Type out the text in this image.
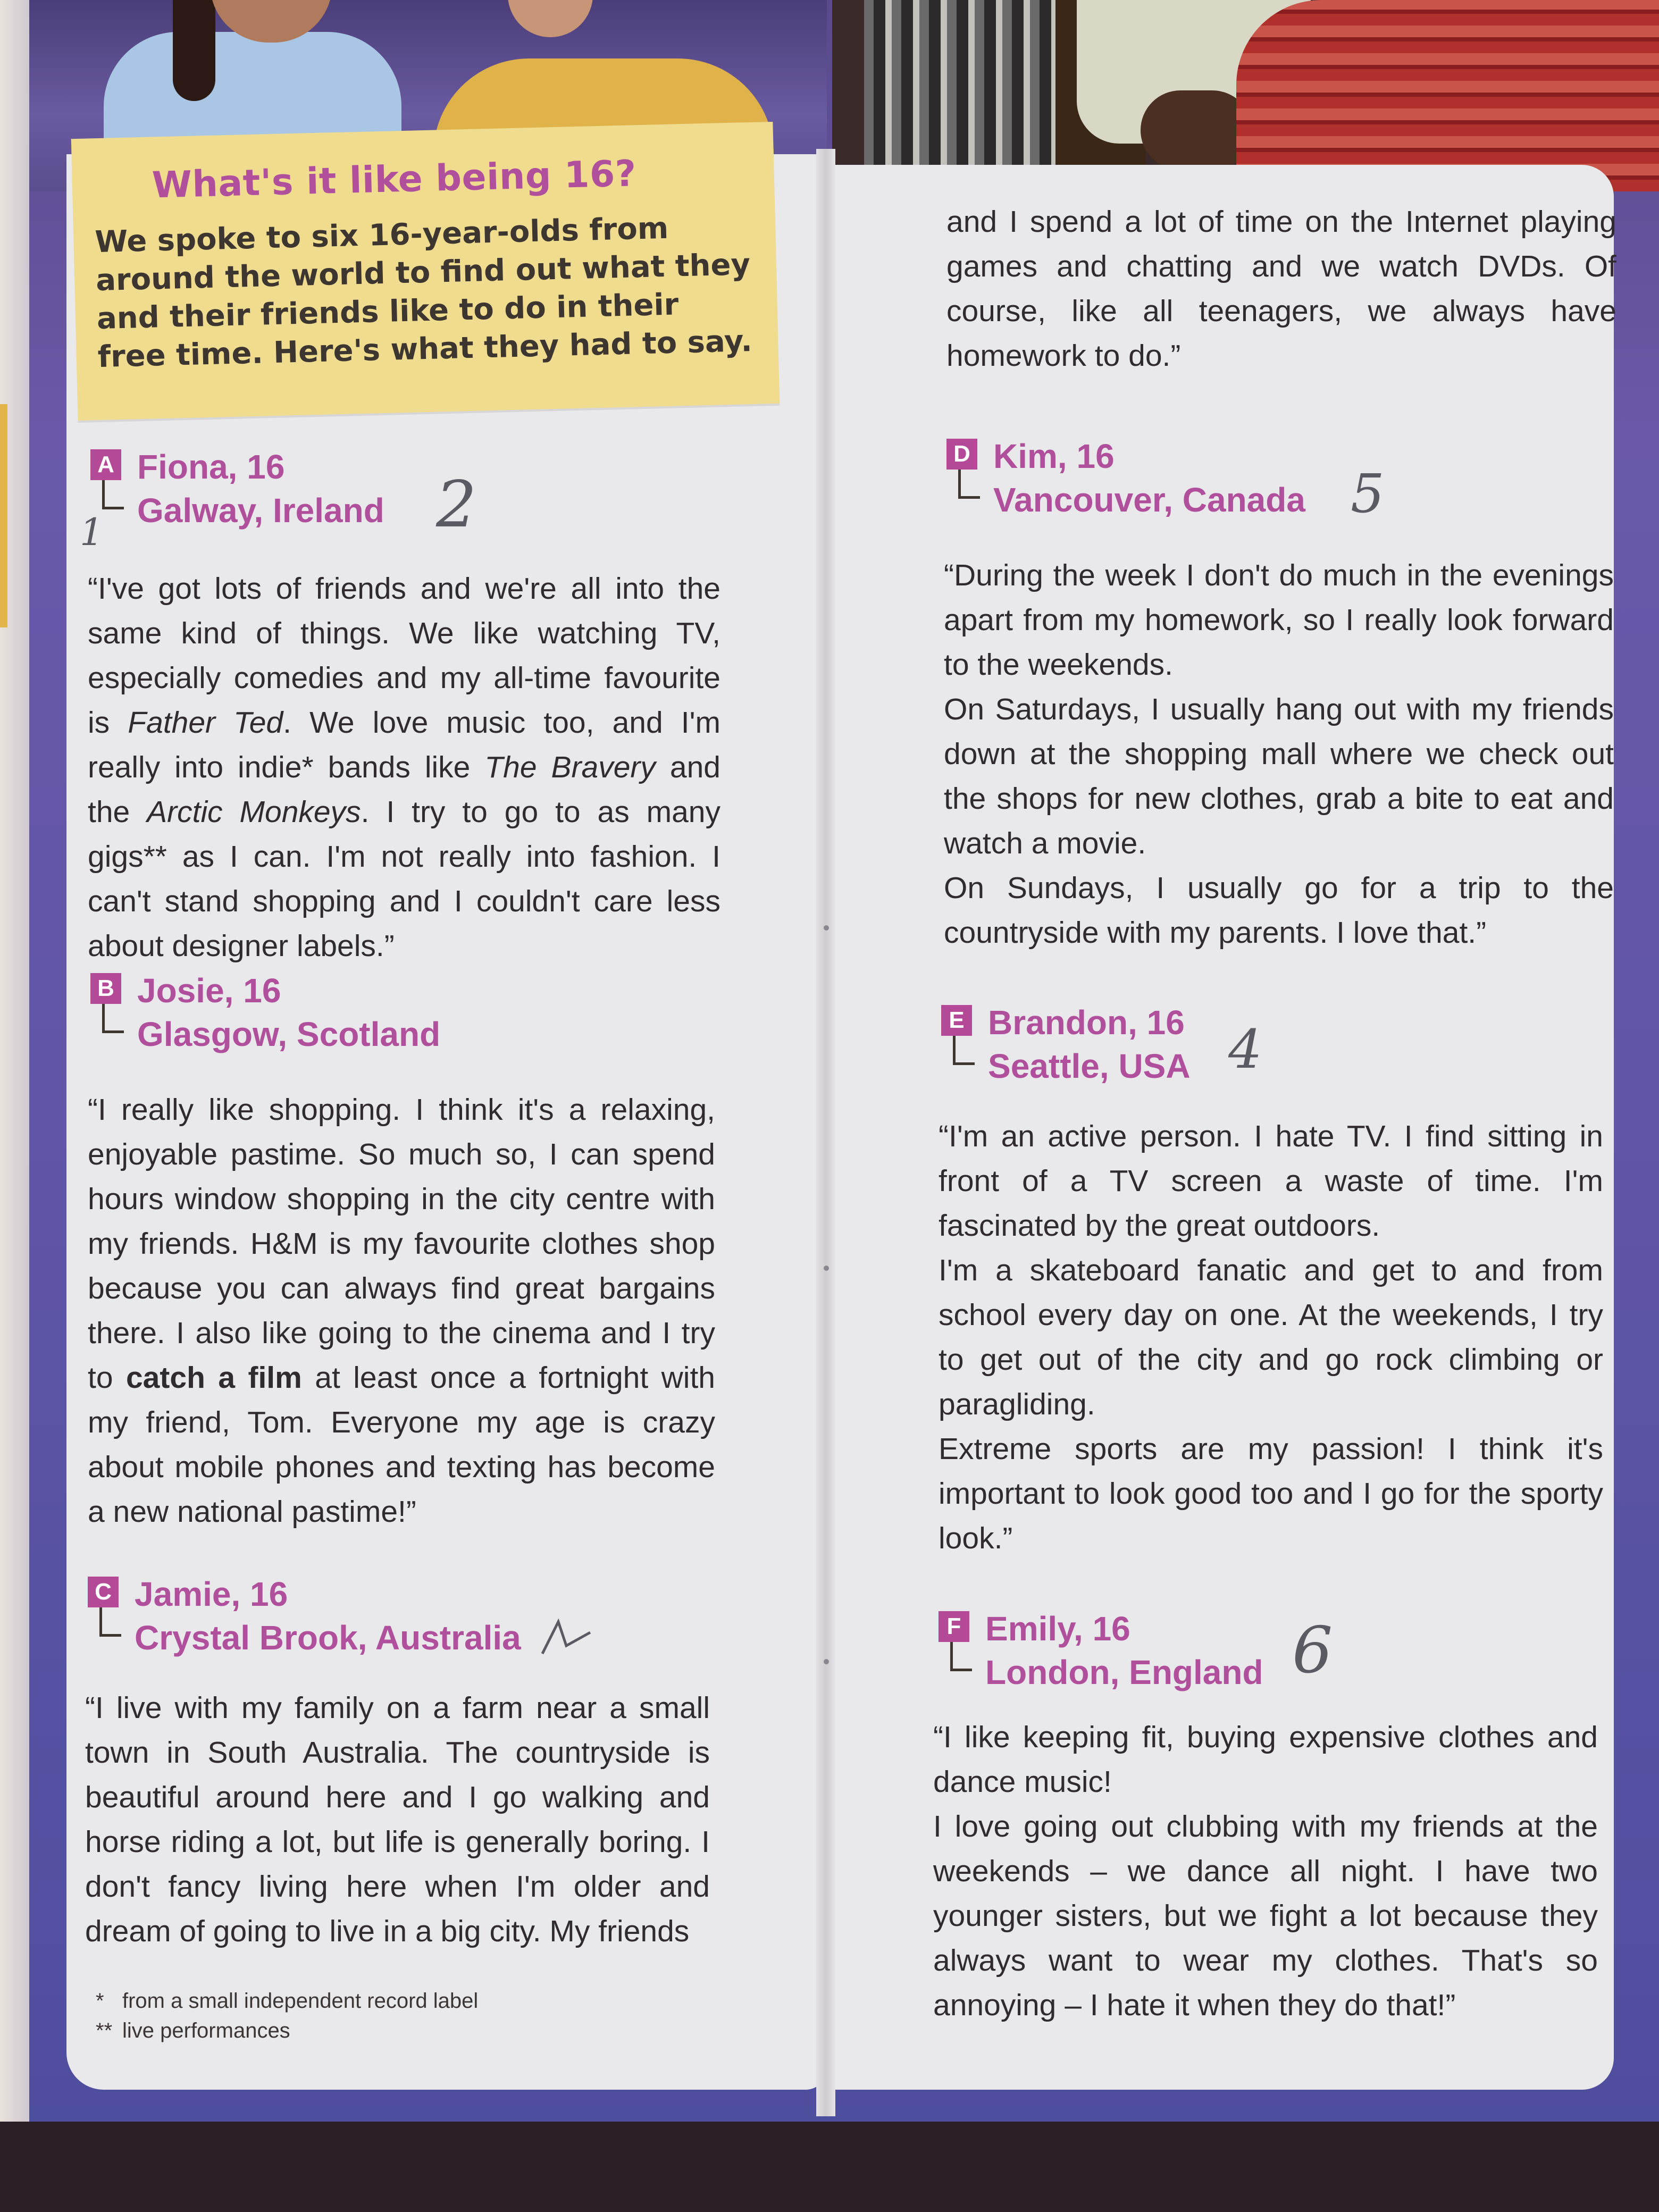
What's it like being 16?
We spoke to six 16-year-olds from around the world to find out what they and their friends like to do in their free time. Here's what they had to say.
A Fiona, 16
Galway, Ireland 2
1

“I've got lots of friends and we're all into the same kind of things. We like watching TV, especially comedies and my all-time favourite is Father Ted. We love music too, and I'm really into indie* bands like The Bravery and the Arctic Monkeys. I try to go to as many gigs** as I can. I'm not really into fashion. I can't stand shopping and I couldn't care less about designer labels.”

B Josie, 16
Glasgow, Scotland

“I really like shopping. I think it's a relaxing, enjoyable pastime. So much so, I can spend hours window shopping in the city centre with my friends. H&M is my favourite clothes shop because you can always find great bargains there. I also like going to the cinema and I try to catch a film at least once a fortnight with my friend, Tom. Everyone my age is crazy about mobile phones and texting has become a new national pastime!”

C Jamie, 16
Crystal Brook, Australia

“I live with my family on a farm near a small town in South Australia. The countryside is beautiful around here and I go walking and horse riding a lot, but life is generally boring. I don't fancy living here when I'm older and dream of going to live in a big city. My friends

* from a small independent record label
** live performances

and I spend a lot of time on the Internet playing games and chatting and we watch DVDs. Of course, like all teenagers, we always have homework to do.”

D Kim, 16
Vancouver, Canada 5

“During the week I don't do much in the evenings apart from my homework, so I really look forward to the weekends.

On Saturdays, I usually hang out with my friends down at the shopping mall where we check out the shops for new clothes, grab a bite to eat and watch a movie.

On Sundays, I usually go for a trip to the countryside with my parents. I love that.”

E Brandon, 16
Seattle, USA 4

“I'm an active person. I hate TV. I find sitting in front of a TV screen a waste of time. I'm fascinated by the great outdoors.

I'm a skateboard fanatic and get to and from school every day on one. At the weekends, I try to get out of the city and go rock climbing or paragliding.

Extreme sports are my passion! I think it's important to look good too and I go for the sporty look.”

F Emily, 16
London, England 6

“I like keeping fit, buying expensive clothes and dance music!

I love going out clubbing with my friends at the weekends – we dance all night. I have two younger sisters, but we fight a lot because they always want to wear my clothes. That's so annoying – I hate it when they do that!”
